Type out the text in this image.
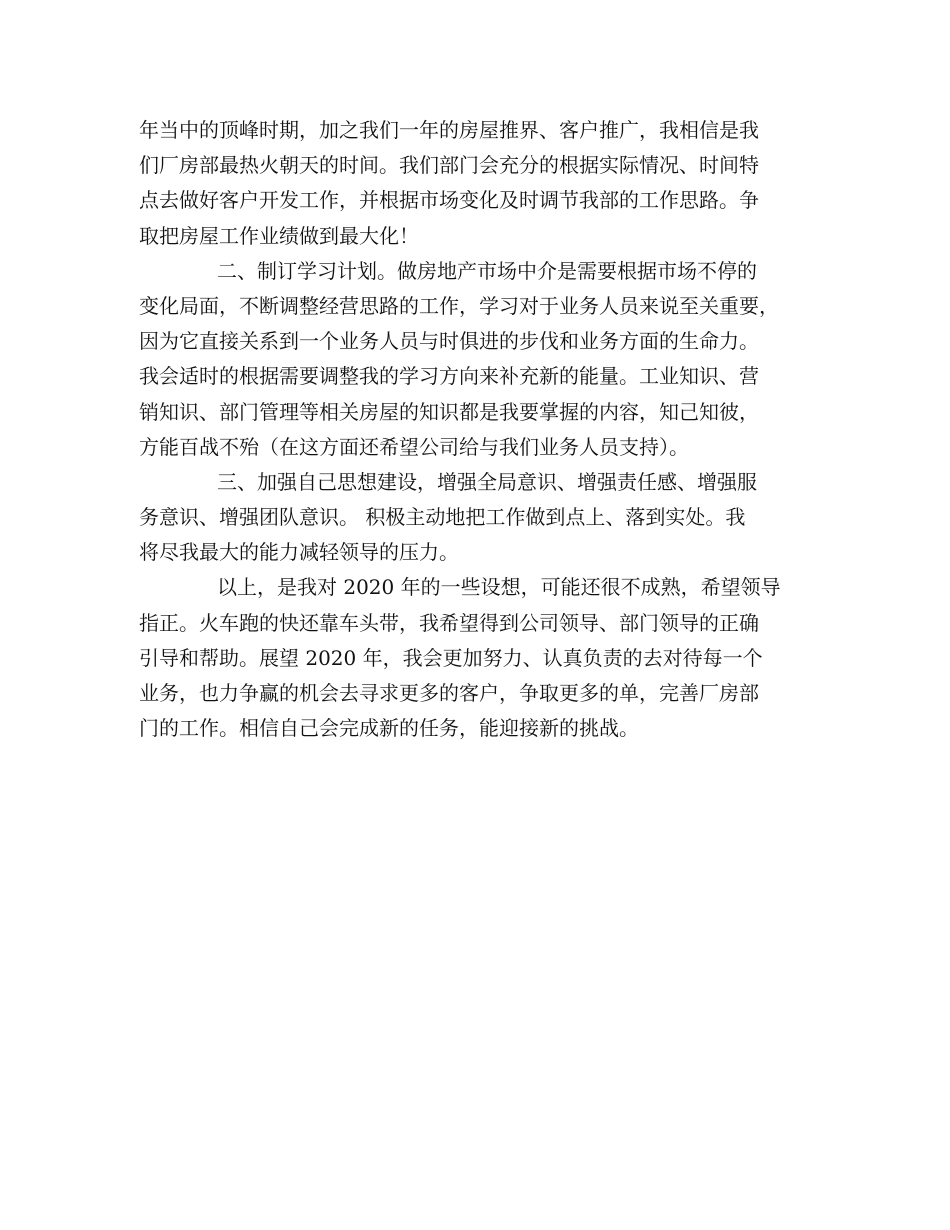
年当中的顶峰时期，加之我们一年的房屋推界、客户推广，我相信是我
们厂房部最热火朝天的时间。我们部门会充分的根据实际情况、时间特
点去做好客户开发工作，并根据市场变化及时调节我部的工作思路。争
取把房屋工作业绩做到最大化！
二、制订学习计划。做房地产市场中介是需要根据市场不停的
变化局面，不断调整经营思路的工作，学习对于业务人员来说至关重要，
因为它直接关系到一个业务人员与时俱进的步伐和业务方面的生命力。
我会适时的根据需要调整我的学习方向来补充新的能量。工业知识、营
销知识、部门管理等相关房屋的知识都是我要掌握的内容，知己知彼，
方能百战不殆（在这方面还希望公司给与我们业务人员支持）。
三、加强自己思想建设，增强全局意识、增强责任感、增强服
务意识、增强团队意识。 积极主动地把工作做到点上、落到实处。我
将尽我最大的能力减轻领导的压力。
以上，是我对 2020 年的一些设想，可能还很不成熟，希望领导
指正。火车跑的快还靠车头带，我希望得到公司领导、部门领导的正确
引导和帮助。展望 2020 年，我会更加努力、认真负责的去对待每一个
业务，也力争赢的机会去寻求更多的客户，争取更多的单，完善厂房部
门的工作。相信自己会完成新的任务，能迎接新的挑战。
